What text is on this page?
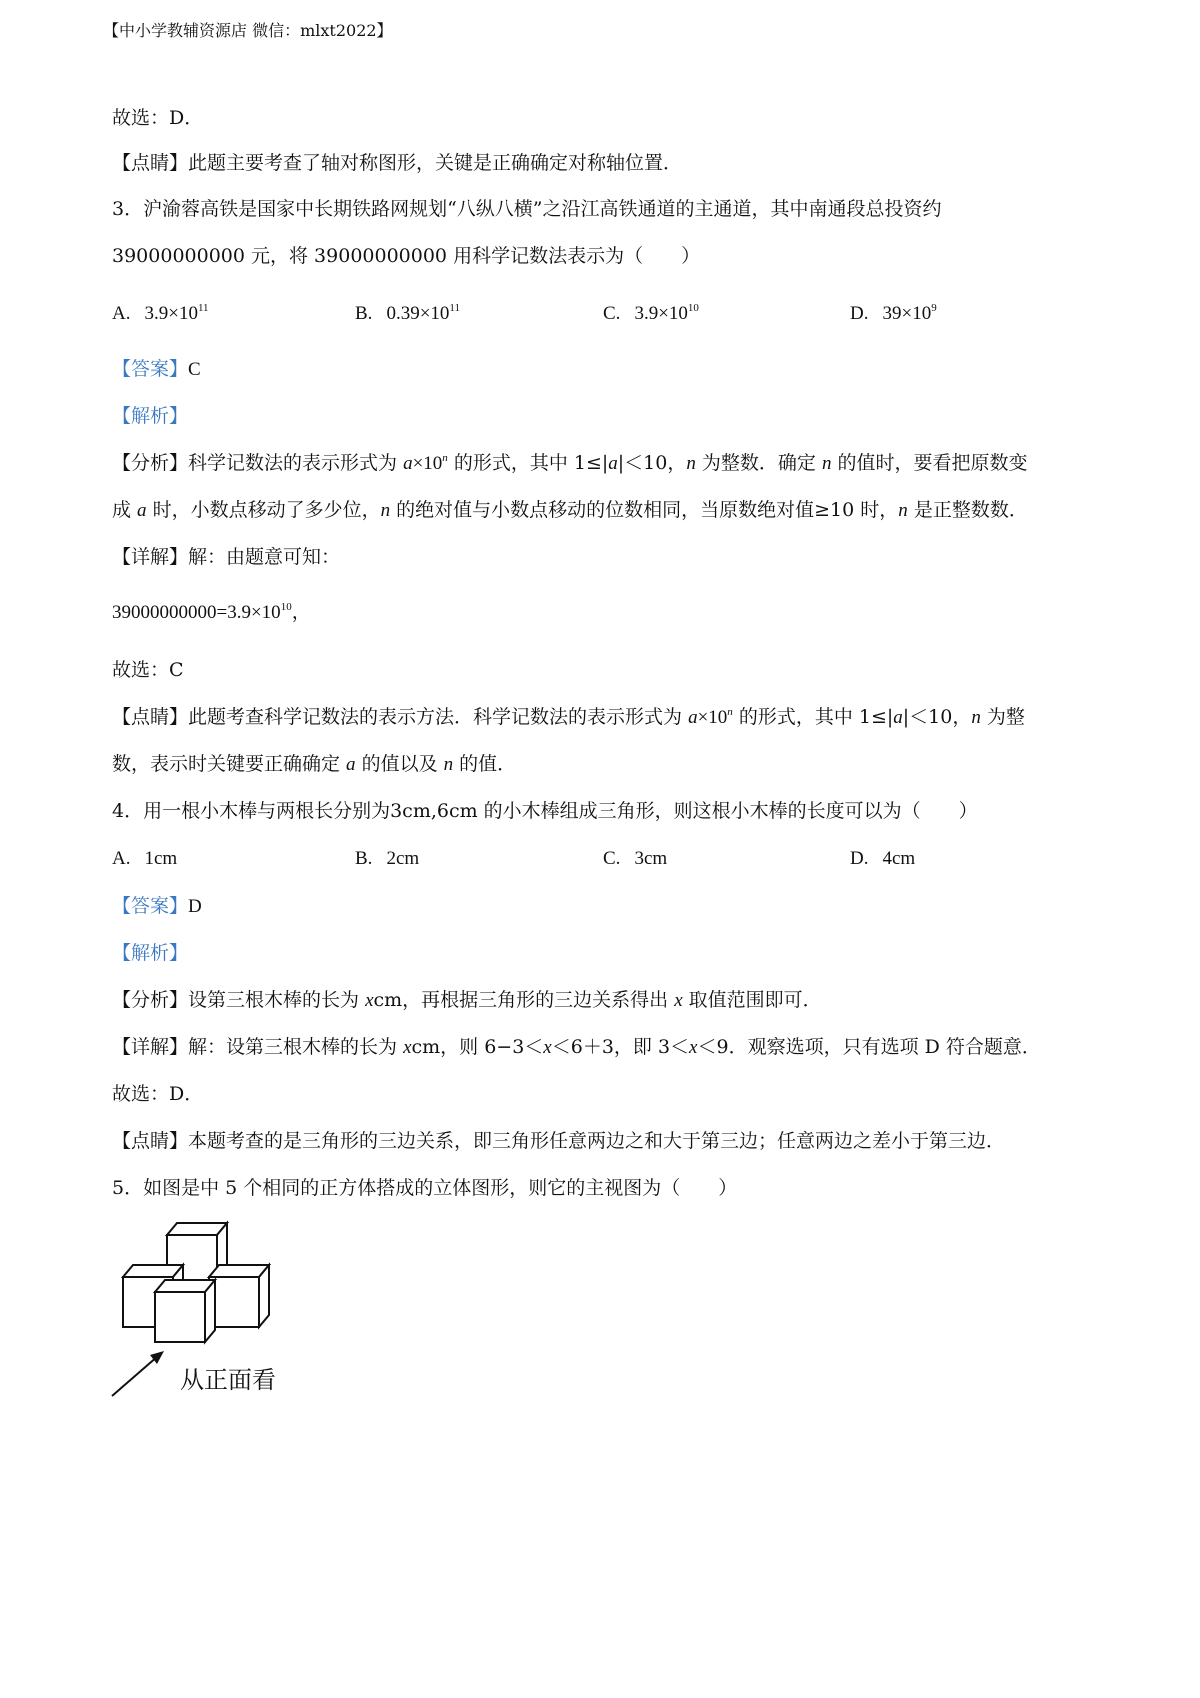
【中小学教辅资源店 微信：mlxt2022】
故选：D．
【点睛】此题主要考查了轴对称图形，关键是正确确定对称轴位置．
3．沪渝蓉高铁是国家中长期铁路网规划“八纵八横”之沿江高铁通道的主通道，其中南通段总投资约
39000000000 元，将 39000000000 用科学记数法表示为（　　）
A. $3.9\times 10^{11}$	B. $0.39\times 10^{11}$	C. $3.9\times 10^{10}$	D. $39\times 10^9$
【答案】C
【解析】
【分析】科学记数法的表示形式为 $a\times 10^n$ 的形式，其中 1≤|a|＜10，n 为整数．确定 n 的值时，要看把原数变
成 a 时，小数点移动了多少位，n 的绝对值与小数点移动的位数相同，当原数绝对值≥10 时，n 是正整数数．
【详解】解：由题意可知：
$39000000000=3.9\times 10^{10}$，
故选：C
【点睛】此题考查科学记数法的表示方法．科学记数法的表示形式为 $a\times 10^n$ 的形式，其中 1≤|a|＜10，n 为整
数，表示时关键要正确确定 a 的值以及 n 的值．
4．用一根小木棒与两根长分别为3cm,6cm 的小木棒组成三角形，则这根小木棒的长度可以为（　　）
A. 1cm	B. 2cm	C. 3cm	D. 4cm
【答案】D
【解析】
【分析】设第三根木棒的长为 xcm，再根据三角形的三边关系得出 x 取值范围即可．
【详解】解：设第三根木棒的长为 xcm，则 6−3＜x＜6＋3，即 3＜x＜9．观察选项，只有选项 D 符合题意．
故选：D．
【点睛】本题考查的是三角形的三边关系，即三角形任意两边之和大于第三边；任意两边之差小于第三边．
5．如图是中 5 个相同的正方体搭成的立体图形，则它的主视图为（　　）
从正面看
